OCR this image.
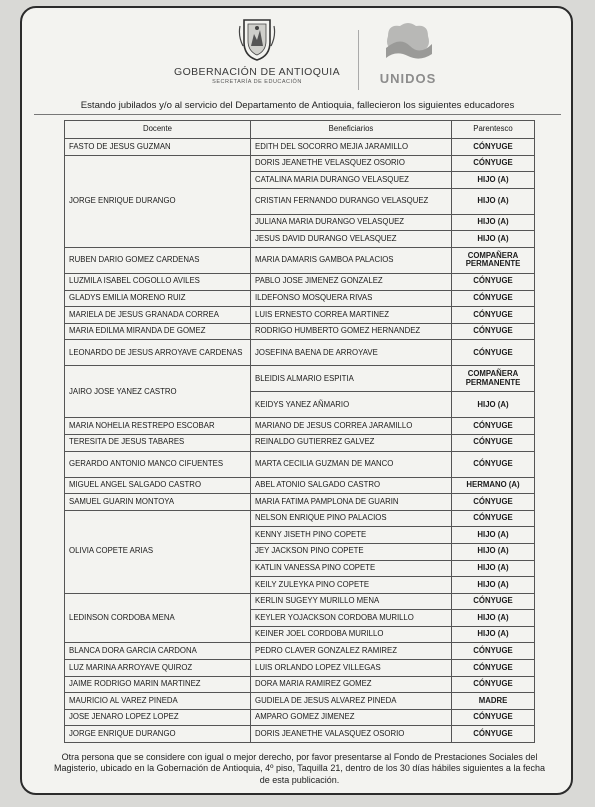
GOBERNACIÓN DE ANTIOQUIA
SECRETARÍA DE EDUCACIÓN	UNIDOS
Estando jubilados y/o al servicio del Departamento de Antioquia, fallecieron los siguientes educadores
Docente	Beneficiarios	Parentesco
FASTO DE JESUS GUZMAN	EDITH DEL SOCORRO MEJIA JARAMILLO	CÓNYUGE
JORGE ENRIQUE DURANGO	DORIS JEANETHE VELASQUEZ OSORIO	CÓNYUGE
	CATALINA MARIA DURANGO VELASQUEZ	HIJO (A)
	CRISTIAN FERNANDO DURANGO VELASQUEZ	HIJO (A)
	JULIANA MARIA DURANGO VELASQUEZ	HIJO (A)
	JESUS DAVID DURANGO VELASQUEZ	HIJO (A)
RUBEN DARIO GOMEZ CARDENAS	MARIA DAMARIS GAMBOA PALACIOS	COMPAÑERA PERMANENTE
LUZMILA ISABEL COGOLLO AVILES	PABLO JOSE JIMENEZ GONZALEZ	CÓNYUGE
GLADYS EMILIA MORENO RUIZ	ILDEFONSO MOSQUERA RIVAS	CÓNYUGE
MARIELA DE JESUS GRANADA CORREA	LUIS ERNESTO CORREA MARTINEZ	CÓNYUGE
MARIA EDILMA MIRANDA DE GOMEZ	RODRIGO HUMBERTO GOMEZ HERNANDEZ	CÓNYUGE
LEONARDO DE JESUS ARROYAVE CARDENAS	JOSEFINA BAENA DE ARROYAVE	CÓNYUGE
JAIRO JOSE YANEZ CASTRO	BLEIDIS ALMARIO ESPITIA	COMPAÑERA PERMANENTE
	KEIDYS YANEZ AÑMARIO	HIJO (A)
MARIA NOHELIA RESTREPO ESCOBAR	MARIANO DE JESUS CORREA JARAMILLO	CÓNYUGE
TERESITA DE JESUS TABARES	REINALDO GUTIERREZ GALVEZ	CÓNYUGE
GERARDO ANTONIO MANCO CIFUENTES	MARTA CECILIA GUZMAN DE MANCO	CÓNYUGE
MIGUEL ANGEL SALGADO CASTRO	ABEL ATONIO SALGADO CASTRO	HERMANO (A)
SAMUEL GUARIN MONTOYA	MARIA FATIMA PAMPLONA DE GUARIN	CÓNYUGE
OLIVIA COPETE ARIAS	NELSON ENRIQUE PINO PALACIOS	CÓNYUGE
	KENNY JISETH PINO COPETE	HIJO (A)
	JEY JACKSON PINO COPETE	HIJO (A)
	KATLIN VANESSA PINO COPETE	HIJO (A)
	KEILY ZULEYKA PINO COPETE	HIJO (A)
LEDINSON CORDOBA MENA	KERLIN SUGEYY MURILLO MENA	CÓNYUGE
	KEYLER YOJACKSON CORDOBA MURILLO	HIJO (A)
	KEINER JOEL CORDOBA MURILLO	HIJO (A)
BLANCA DORA GARCIA CARDONA	PEDRO CLAVER GONZALEZ RAMIREZ	CÓNYUGE
LUZ MARINA ARROYAVE QUIROZ	LUIS ORLANDO LOPEZ VILLEGAS	CÓNYUGE
JAIME RODRIGO MARIN MARTINEZ	DORA MARIA RAMIREZ GOMEZ	CÓNYUGE
MAURICIO AL VAREZ PINEDA	GUDIELA DE JESUS ALVAREZ PINEDA	MADRE
JOSE JENARO LOPEZ LOPEZ	AMPARO GOMEZ JIMENEZ	CÓNYUGE
JORGE ENRIQUE DURANGO	DORIS JEANETHE VALASQUEZ OSORIO	CÓNYUGE
Otra persona que se considere con igual o mejor derecho, por favor presentarse al Fondo de Prestaciones Sociales del Magisterio, ubicado en la Gobernación de Antioquia, 4º piso, Taquilla 21, dentro de los 30 días hábiles siguientes a la fecha de esta publicación.
